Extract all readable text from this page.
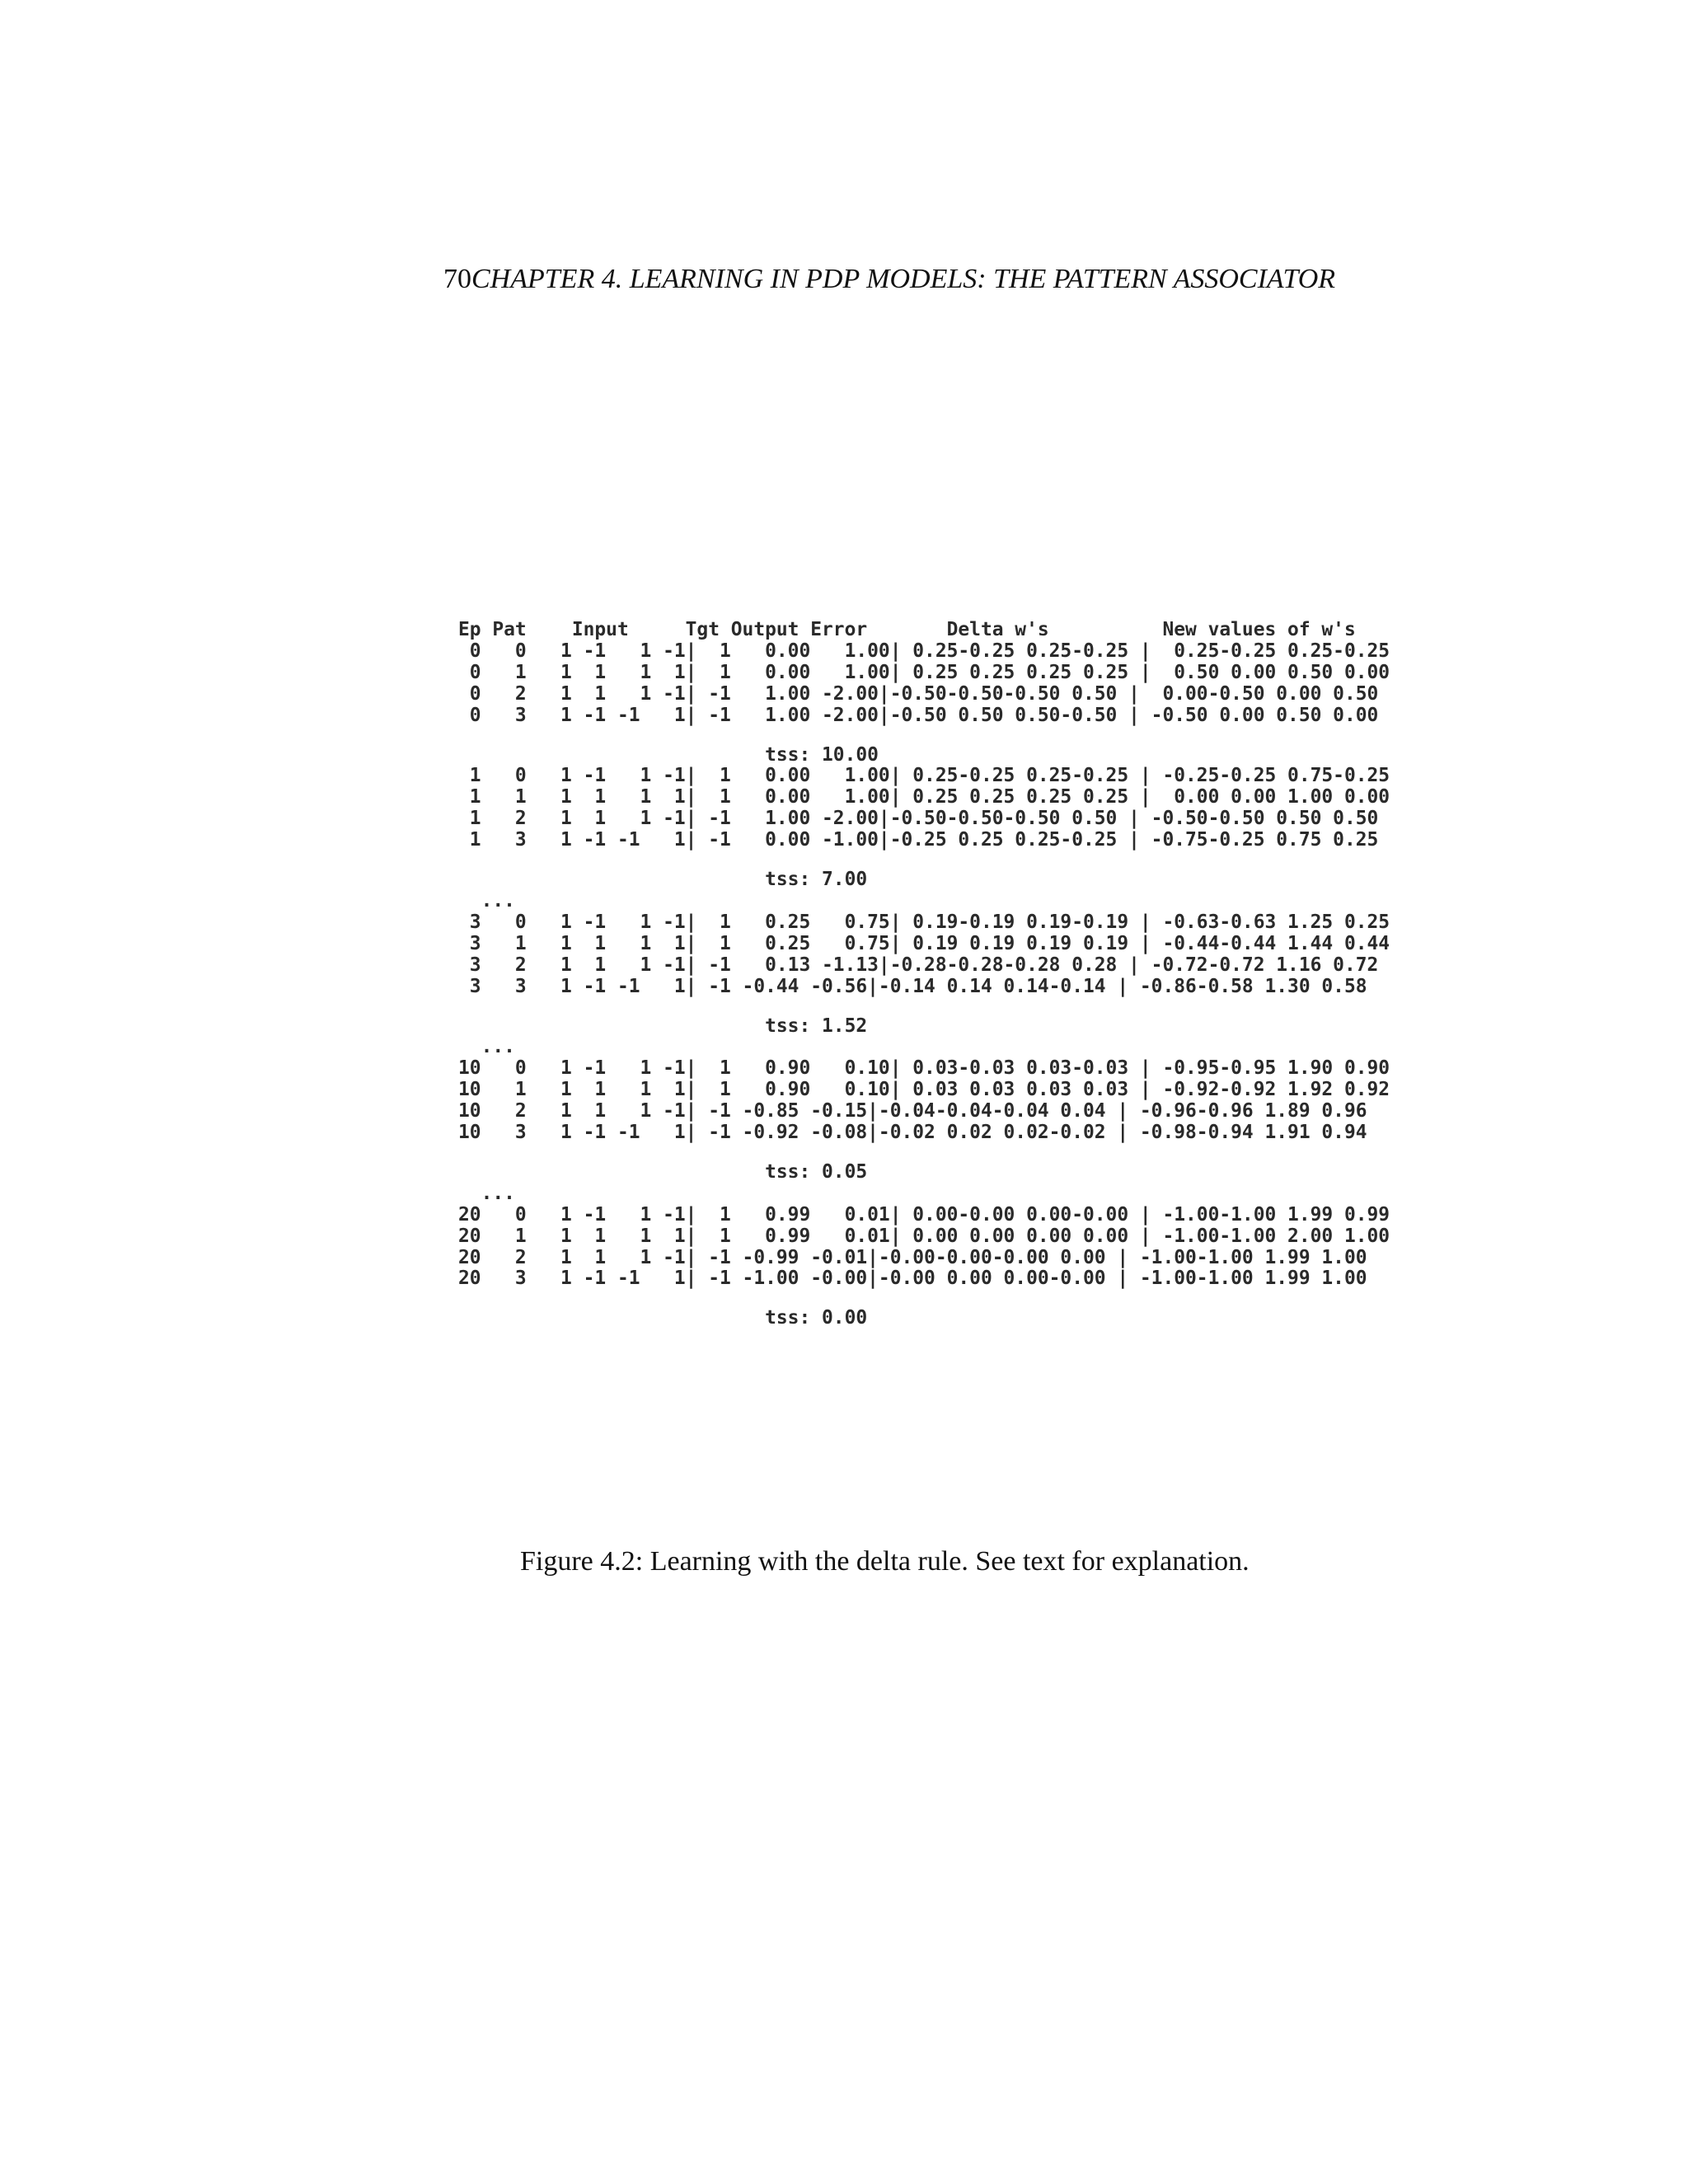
70CHAPTER 4. LEARNING IN PDP MODELS: THE PATTERN ASSOCIATOR
Ep Pat    Input     Tgt Output Error       Delta w's          New values of w's
0   0   1 -1   1 -1|  1   0.00   1.00| 0.25-0.25 0.25-0.25 |  0.25-0.25 0.25-0.25
0   1   1  1   1  1|  1   0.00   1.00| 0.25 0.25 0.25 0.25 |  0.50 0.00 0.50 0.00
0   2   1  1   1 -1| -1   1.00 -2.00|-0.50-0.50-0.50 0.50 |  0.00-0.50 0.00 0.50
0   3   1 -1 -1   1| -1   1.00 -2.00|-0.50 0.50 0.50-0.50 | -0.50 0.00 0.50 0.00
tss: 10.00
1   0   1 -1   1 -1|  1   0.00   1.00| 0.25-0.25 0.25-0.25 | -0.25-0.25 0.75-0.25
1   1   1  1   1  1|  1   0.00   1.00| 0.25 0.25 0.25 0.25 |  0.00 0.00 1.00 0.00
1   2   1  1   1 -1| -1   1.00 -2.00|-0.50-0.50-0.50 0.50 | -0.50-0.50 0.50 0.50
1   3   1 -1 -1   1| -1   0.00 -1.00|-0.25 0.25 0.25-0.25 | -0.75-0.25 0.75 0.25
tss: 7.00
...
3   0   1 -1   1 -1|  1   0.25   0.75| 0.19-0.19 0.19-0.19 | -0.63-0.63 1.25 0.25
3   1   1  1   1  1|  1   0.25   0.75| 0.19 0.19 0.19 0.19 | -0.44-0.44 1.44 0.44
3   2   1  1   1 -1| -1   0.13 -1.13|-0.28-0.28-0.28 0.28 | -0.72-0.72 1.16 0.72
3   3   1 -1 -1   1| -1 -0.44 -0.56|-0.14 0.14 0.14-0.14 | -0.86-0.58 1.30 0.58
tss: 1.52
...
10   0   1 -1   1 -1|  1   0.90   0.10| 0.03-0.03 0.03-0.03 | -0.95-0.95 1.90 0.90
10   1   1  1   1  1|  1   0.90   0.10| 0.03 0.03 0.03 0.03 | -0.92-0.92 1.92 0.92
10   2   1  1   1 -1| -1 -0.85 -0.15|-0.04-0.04-0.04 0.04 | -0.96-0.96 1.89 0.96
10   3   1 -1 -1   1| -1 -0.92 -0.08|-0.02 0.02 0.02-0.02 | -0.98-0.94 1.91 0.94
tss: 0.05
...
20   0   1 -1   1 -1|  1   0.99   0.01| 0.00-0.00 0.00-0.00 | -1.00-1.00 1.99 0.99
20   1   1  1   1  1|  1   0.99   0.01| 0.00 0.00 0.00 0.00 | -1.00-1.00 2.00 1.00
20   2   1  1   1 -1| -1 -0.99 -0.01|-0.00-0.00-0.00 0.00 | -1.00-1.00 1.99 1.00
20   3   1 -1 -1   1| -1 -1.00 -0.00|-0.00 0.00 0.00-0.00 | -1.00-1.00 1.99 1.00
tss: 0.00
Figure 4.2: Learning with the delta rule. See text for explanation.
